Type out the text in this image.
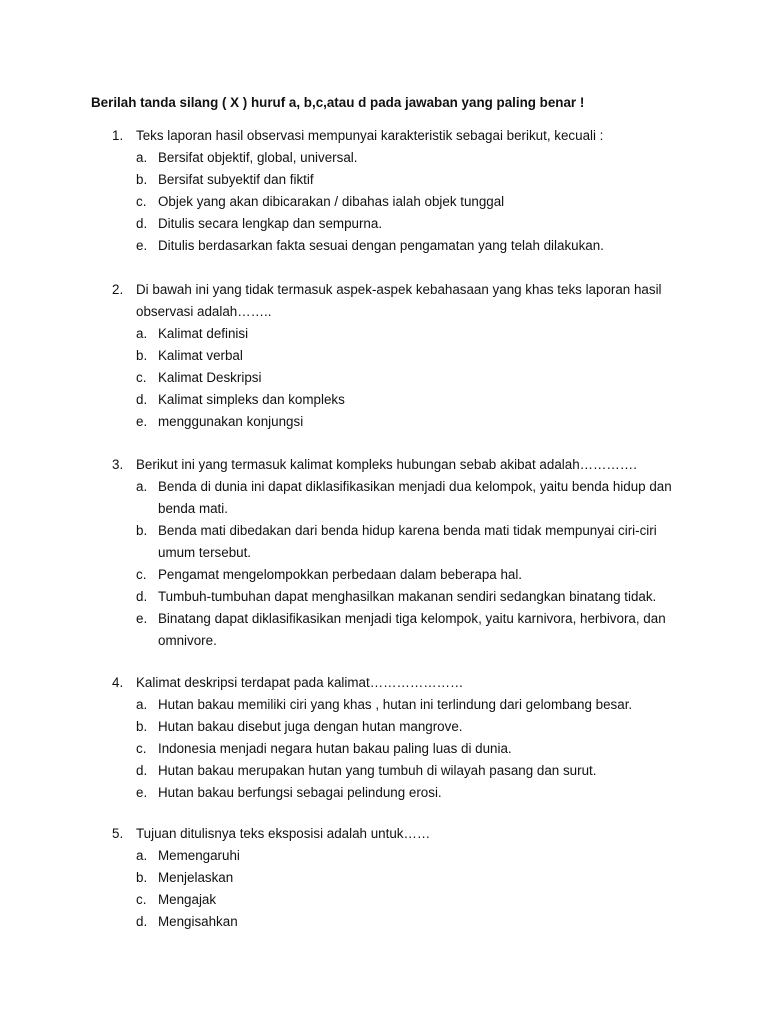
Berilah tanda silang ( X ) huruf a, b,c,atau d pada jawaban yang paling benar !
1. Teks laporan hasil observasi mempunyai karakteristik sebagai berikut, kecuali :
a. Bersifat objektif, global, universal.
b. Bersifat subyektif dan fiktif
c. Objek yang akan dibicarakan / dibahas ialah objek tunggal
d. Ditulis secara lengkap dan sempurna.
e. Ditulis berdasarkan fakta sesuai dengan pengamatan yang telah dilakukan.
2. Di bawah ini yang tidak termasuk aspek-aspek kebahasaan yang khas teks laporan hasil observasi adalah……..
a. Kalimat definisi
b. Kalimat verbal
c. Kalimat Deskripsi
d. Kalimat simpleks dan kompleks
e. menggunakan konjungsi
3. Berikut ini yang termasuk kalimat kompleks hubungan sebab akibat adalah………….
a. Benda di dunia ini dapat diklasifikasikan menjadi dua kelompok, yaitu benda hidup dan benda mati.
b. Benda mati dibedakan dari benda hidup karena benda mati tidak mempunyai ciri-ciri umum tersebut.
c. Pengamat mengelompokkan perbedaan dalam beberapa hal.
d. Tumbuh-tumbuhan dapat menghasilkan makanan sendiri sedangkan binatang tidak.
e. Binatang dapat diklasifikasikan menjadi tiga kelompok, yaitu karnivora, herbivora, dan omnivore.
4. Kalimat deskripsi terdapat pada kalimat…………………
a. Hutan bakau memiliki ciri yang khas , hutan ini terlindung dari gelombang besar.
b. Hutan bakau disebut juga dengan hutan mangrove.
c. Indonesia menjadi negara hutan bakau paling luas di dunia.
d. Hutan bakau merupakan hutan yang tumbuh di wilayah pasang dan surut.
e. Hutan bakau berfungsi sebagai pelindung erosi.
5. Tujuan ditulisnya teks eksposisi adalah untuk……
a. Memengaruhi
b. Menjelaskan
c. Mengajak
d. Mengisahkan
